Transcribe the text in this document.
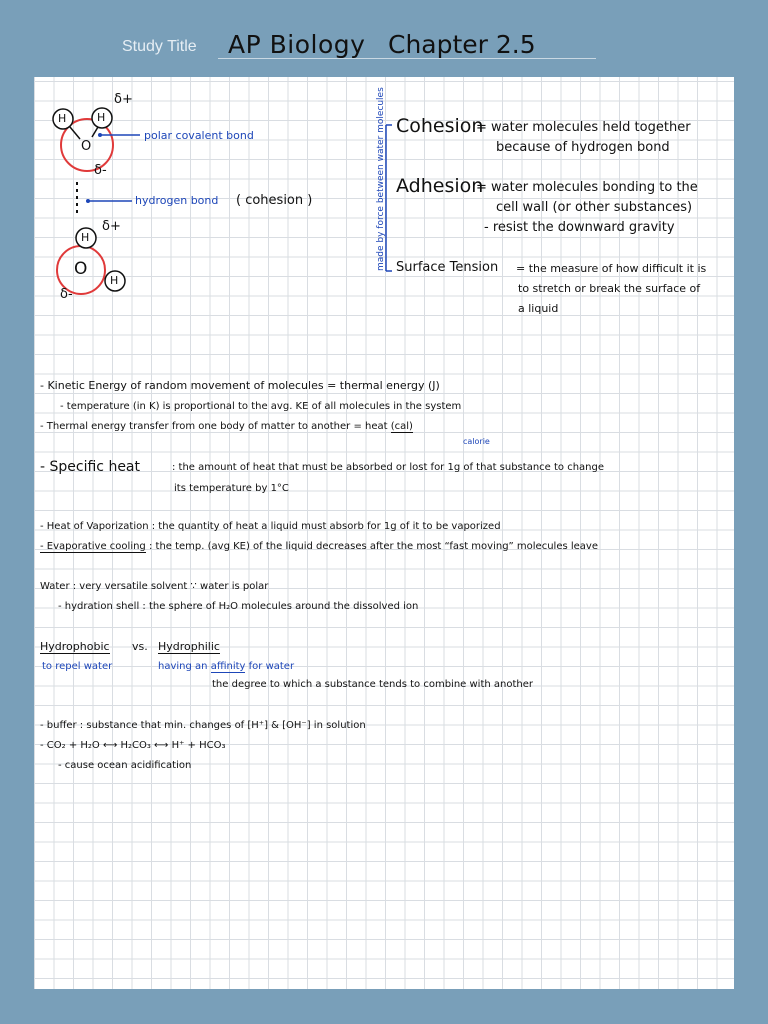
Study Title AP Biology Chapter 2.5
H	H
O
H
O
H
δ+
δ-
δ+
δ-
polar covalent bond
hydrogen bond ( cohesion )	made by force between water molecules Cohesion
= water molecules held together
because of hydrogen bond
Adhesion
= water molecules bonding to the
cell wall (or other substances)
- resist the downward gravity
Surface Tension = the measure of how difficult it is
to stretch or break the surface of
a liquid
- Kinetic Energy of random movement of molecules = thermal energy (J)
- temperature (in K) is proportional to the avg. KE of all molecules in the system
- Thermal energy transfer from one body of matter to another = heat (cal)
calorie
- Specific heat	: the amount of heat that must be absorbed or lost for 1g of that substance to change
its temperature by 1°C
- Heat of Vaporization : the quantity of heat a liquid must absorb for 1g of it to be vaporized
- Evaporative cooling : the temp. (avg KE) of the liquid decreases after the most “fast moving” molecules leave
Water : very versatile solvent ∵ water is polar
- hydration shell : the sphere of H₂O molecules around the dissolved ion
Hydrophobic vs. Hydrophilic
to repel water	having an affinity for water
the degree to which a substance tends to combine with another
- buffer : substance that min. changes of [H⁺] & [OH⁻] in solution
- CO₂ + H₂O ⟷ H₂CO₃ ⟷ H⁺ + HCO₃
- cause ocean acidification
